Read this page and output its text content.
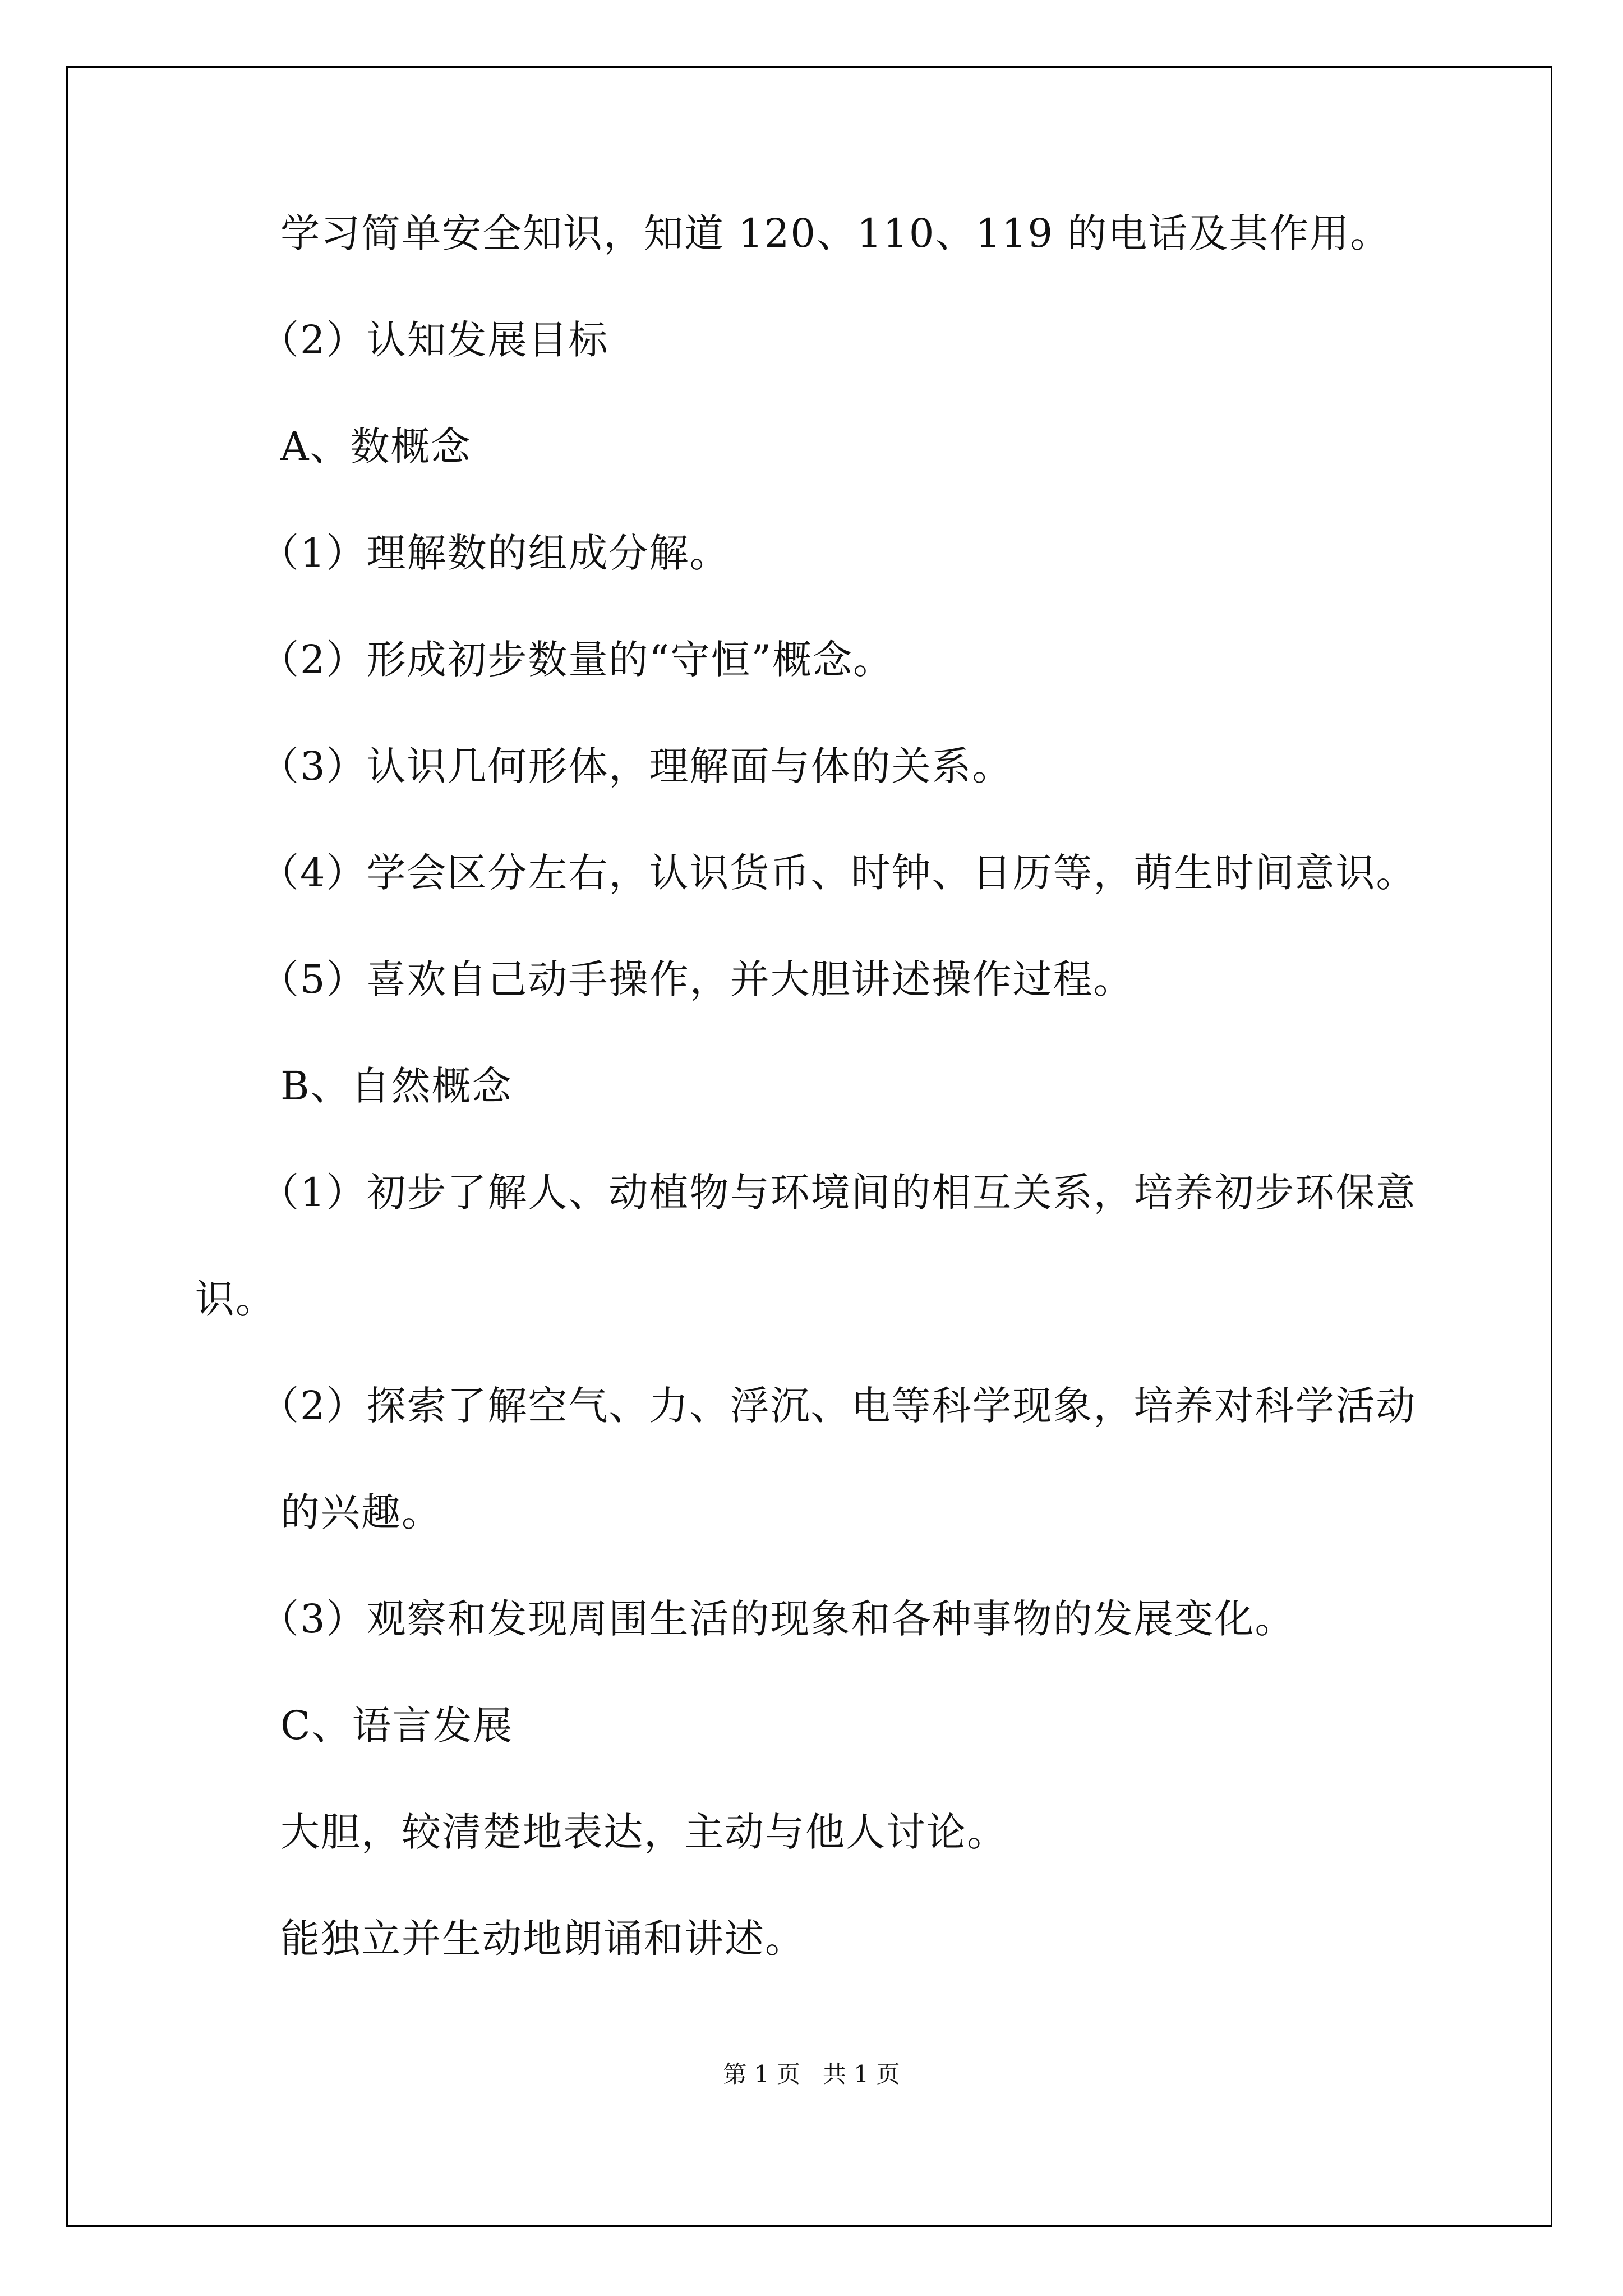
学习简单安全知识，知道 120、110、119 的电话及其作用。
（2）认知发展目标
A、数概念
（1）理解数的组成分解。
（2）形成初步数量的“守恒”概念。
（3）认识几何形体，理解面与体的关系。
（4）学会区分左右，认识货币、时钟、日历等，萌生时间意识。
（5）喜欢自己动手操作，并大胆讲述操作过程。
B、自然概念
（1）初步了解人、动植物与环境间的相互关系，培养初步环保意
识。
（2）探索了解空气、力、浮沉、电等科学现象，培养对科学活动
的兴趣。
（3）观察和发现周围生活的现象和各种事物的发展变化。
C、语言发展
大胆，较清楚地表达，主动与他人讨论。
能独立并生动地朗诵和讲述。
第 1 页   共 1 页
